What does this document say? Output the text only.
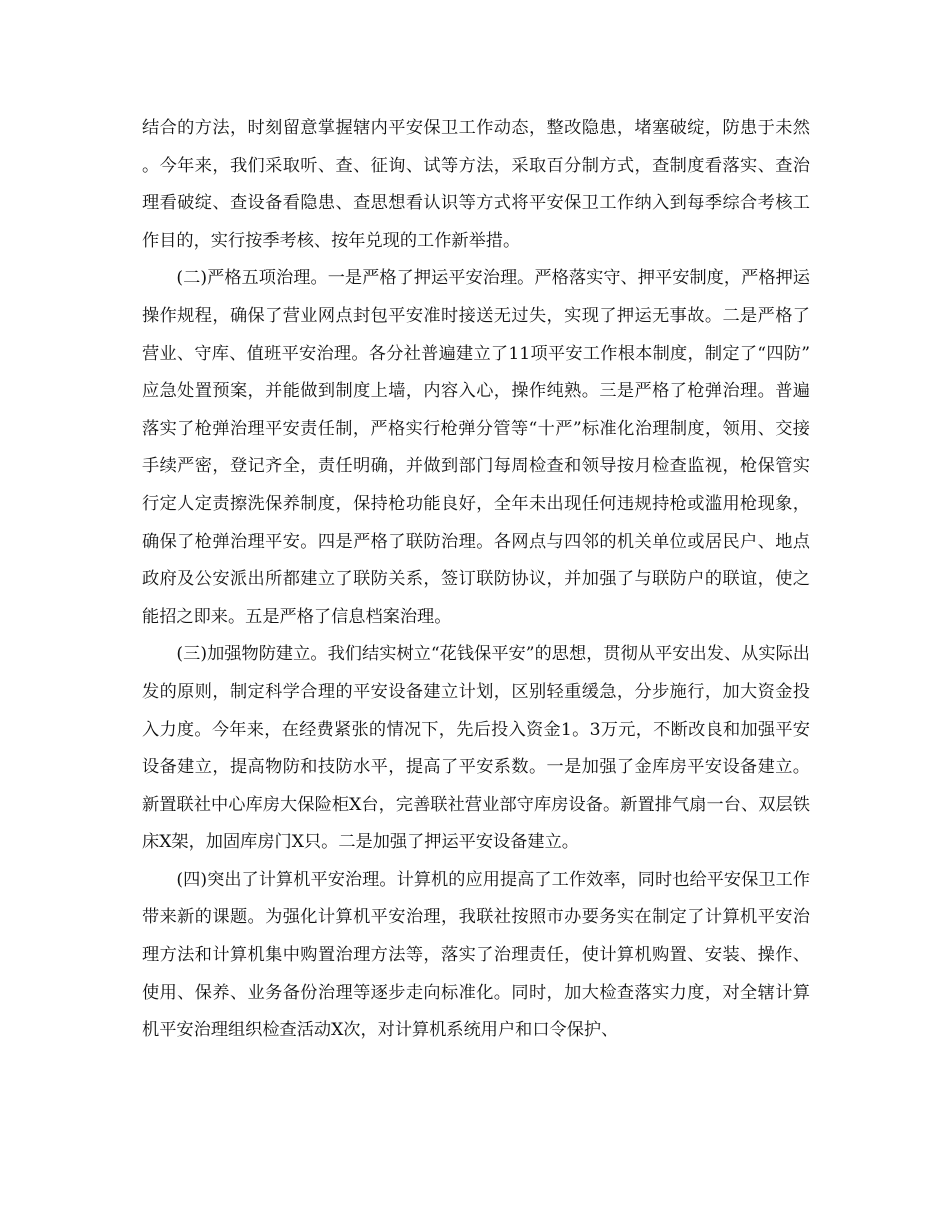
结合的方法，时刻留意掌握辖内平安保卫工作动态，整改隐患，堵塞破绽，防患于未然。今年来，我们采取听、查、征询、试等方法，采取百分制方式，查制度看落实、查治理看破绽、查设备看隐患、查思想看认识等方式将平安保卫工作纳入到每季综合考核工作目的，实行按季考核、按年兑现的工作新举措。

(二)严格五项治理。一是严格了押运平安治理。严格落实守、押平安制度，严格押运操作规程，确保了营业网点封包平安准时接送无过失，实现了押运无事故。二是严格了营业、守库、值班平安治理。各分社普遍建立了11项平安工作根本制度，制定了“四防”应急处置预案，并能做到制度上墙，内容入心，操作纯熟。三是严格了枪弹治理。普遍落实了枪弹治理平安责任制，严格实行枪弹分管等“十严”标准化治理制度，领用、交接手续严密，登记齐全，责任明确，并做到部门每周检查和领导按月检查监视，枪保管实行定人定责擦洗保养制度，保持枪功能良好，全年未出现任何违规持枪或滥用枪现象，确保了枪弹治理平安。四是严格了联防治理。各网点与四邻的机关单位或居民户、地点政府及公安派出所都建立了联防关系，签订联防协议，并加强了与联防户的联谊，使之能招之即来。五是严格了信息档案治理。

(三)加强物防建立。我们结实树立“花钱保平安”的思想，贯彻从平安出发、从实际出发的原则，制定科学合理的平安设备建立计划，区别轻重缓急，分步施行，加大资金投入力度。今年来，在经费紧张的情况下，先后投入资金1。3万元，不断改良和加强平安设备建立，提高物防和技防水平，提高了平安系数。一是加强了金库房平安设备建立。新置联社中心库房大保险柜X台，完善联社营业部守库房设备。新置排气扇一台、双层铁床X架，加固库房门X只。二是加强了押运平安设备建立。

(四)突出了计算机平安治理。计算机的应用提高了工作效率，同时也给平安保卫工作带来新的课题。为强化计算机平安治理，我联社按照市办要务实在制定了计算机平安治理方法和计算机集中购置治理方法等，落实了治理责任，使计算机购置、安装、操作、使用、保养、业务备份治理等逐步走向标准化。同时，加大检查落实力度，对全辖计算机平安治理组织检查活动X次，对计算机系统用户和口令保护、
